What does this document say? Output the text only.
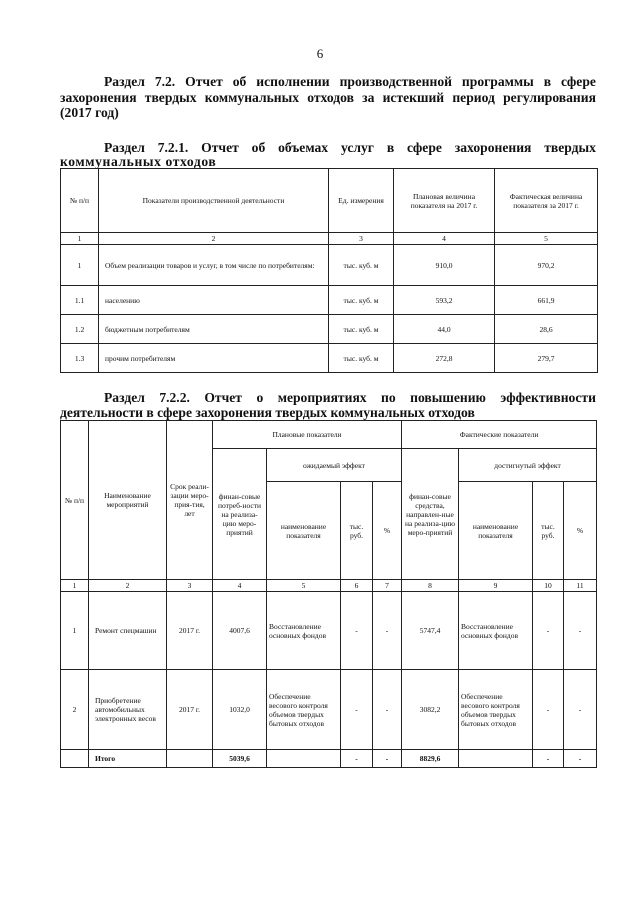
6
Раздел 7.2. Отчет об исполнении производственной программы в сфере
захоронения твердых коммунальных отходов за истекший период регулирования
(2017 год)
Раздел 7.2.1. Отчет об объемах услуг в сфере захоронения твердых
коммунальных отходов
№ п/п	Показатели производственной деятельности	Ед. измерения	Плановая величина показателя на 2017 г.	Фактическая величина показателя за 2017 г.
1	2	3	4	5
1	Объем реализации товаров и услуг, в том числе по потребителям:	тыс. куб. м	910,0	970,2
1.1	населению	тыс. куб. м	593,2	661,9
1.2	бюджетным потребителям	тыс. куб. м	44,0	28,6
1.3	прочим потребителям	тыс. куб. м	272,8	279,7
Раздел 7.2.2. Отчет о мероприятиях по повышению эффективности
деятельности в сфере захоронения твердых коммунальных отходов
№ п/п	Наименование мероприятий	Срок реали-зации меро-прия-тия, лет	Плановые показатели				Фактические показатели			
			финан-совые потреб-ности на реализа-цию меро-приятий	ожидаемый эффект			финан-совые средства, направлен-ные на реализа-цию меро-приятий	достигнутый эффект		
				наименование показателя	тыс. руб.	%		наименование показателя	тыс. руб.	%
1	2	3	4	5	6	7	8	9	10	11
1	Ремонт спецмашин	2017 г.	4007,6	Восстановление основных фондов	-	-	5747,4	Восстановление основных фондов	-	-
2	Приобретение автомобильных электронных весов	2017 г.	1032,0	Обеспечение весового контроля объемов твердых бытовых отходов	-	-	3082,2	Обеспечение весового контроля объемов твердых бытовых отходов	-	-
	Итого		5039,6		-	-	8829,6		-	-
